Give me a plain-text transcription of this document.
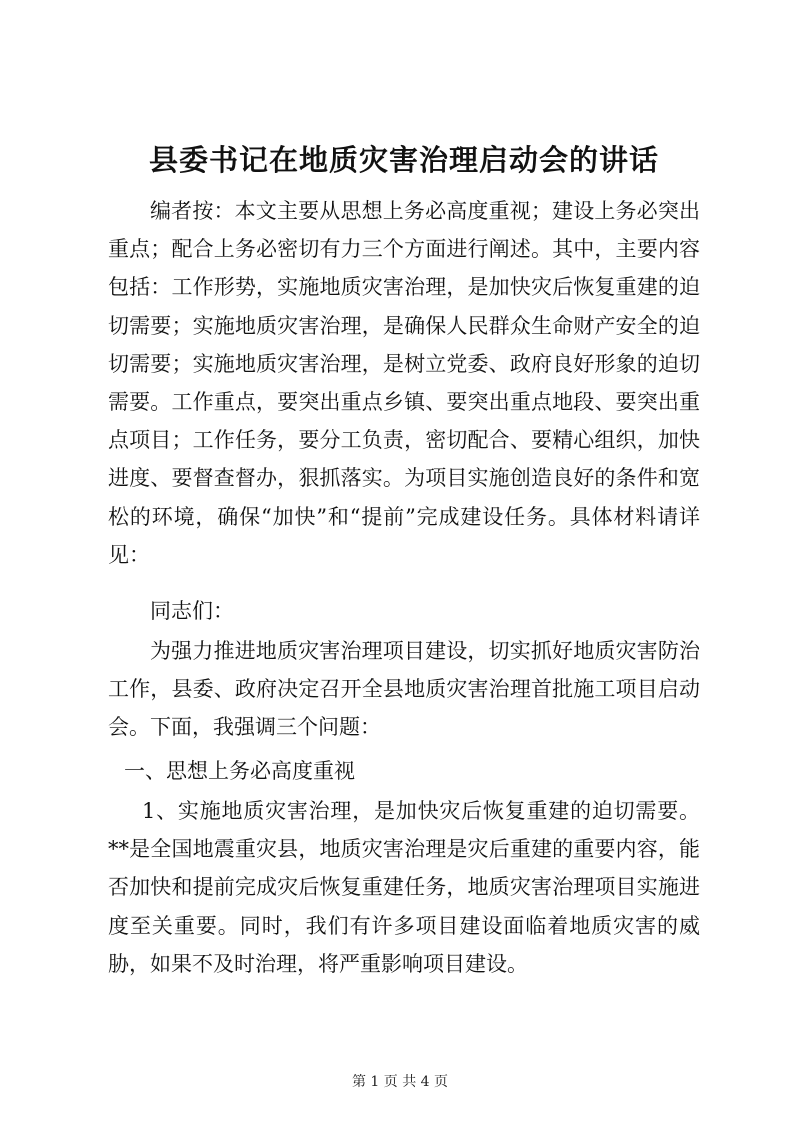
县委书记在地质灾害治理启动会的讲话

编者按：本文主要从思想上务必高度重视；建设上务必突出重点；配合上务必密切有力三个方面进行阐述。其中，主要内容包括：工作形势，实施地质灾害治理，是加快灾后恢复重建的迫切需要；实施地质灾害治理，是确保人民群众生命财产安全的迫切需要；实施地质灾害治理，是树立党委、政府良好形象的迫切需要。工作重点，要突出重点乡镇、要突出重点地段、要突出重点项目；工作任务，要分工负责，密切配合、要精心组织，加快进度、要督查督办，狠抓落实。为项目实施创造良好的条件和宽松的环境，确保“加快”和“提前”完成建设任务。具体材料请详见：

同志们：

为强力推进地质灾害治理项目建设，切实抓好地质灾害防治工作，县委、政府决定召开全县地质灾害治理首批施工项目启动会。下面，我强调三个问题：

一、思想上务必高度重视

1、实施地质灾害治理，是加快灾后恢复重建的迫切需要。**是全国地震重灾县，地质灾害治理是灾后重建的重要内容，能否加快和提前完成灾后恢复重建任务，地质灾害治理项目实施进度至关重要。同时，我们有许多项目建设面临着地质灾害的威胁，如果不及时治理，将严重影响项目建设。

第 1 页 共 4 页
